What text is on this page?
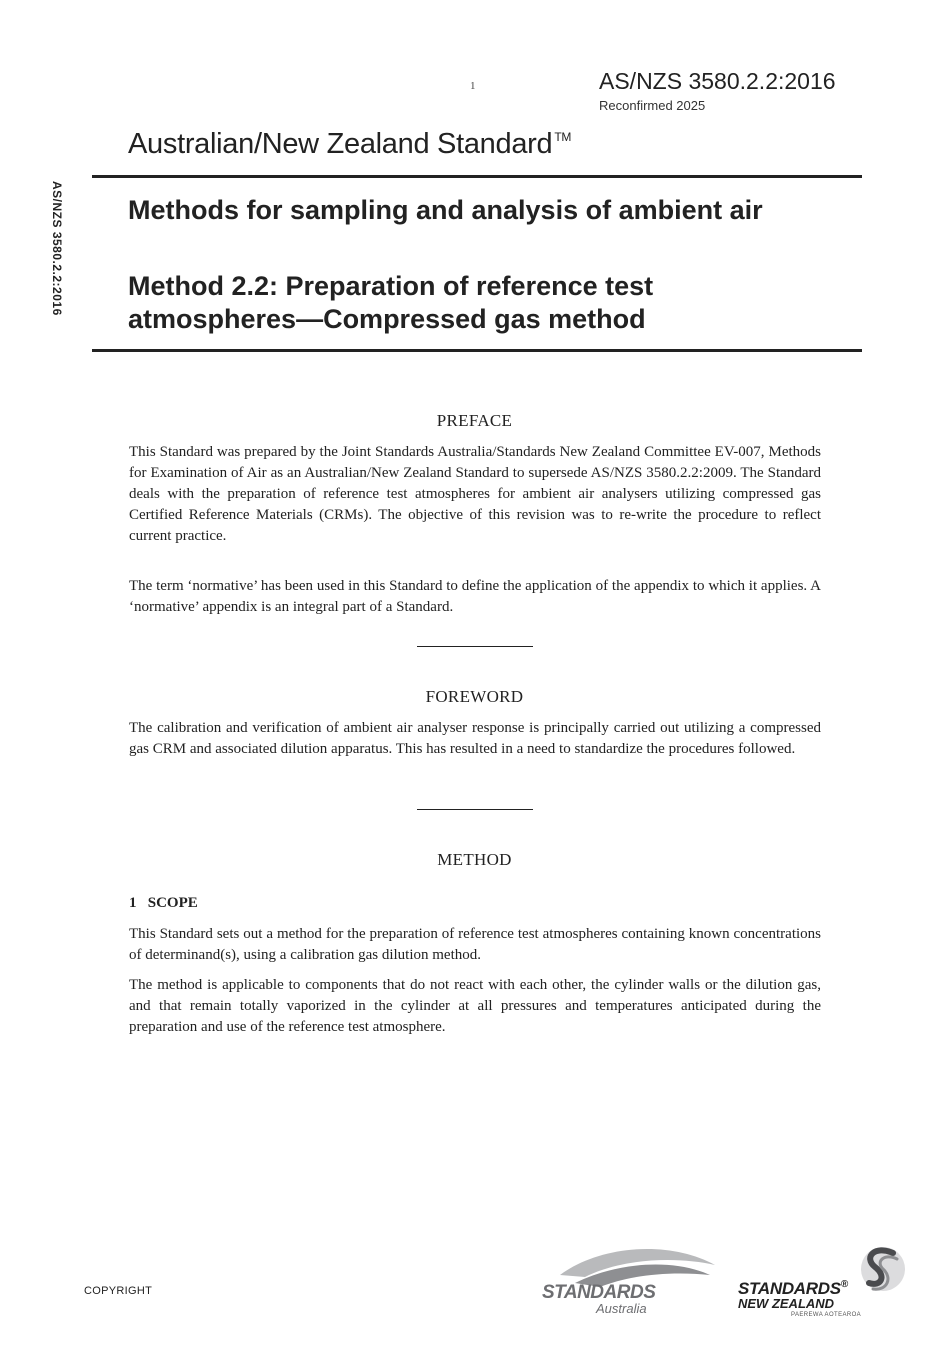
1	AS/NZS 3580.2.2:2016
Reconfirmed 2025
Australian/New Zealand Standard ™
AS/NZS 3580.2.2:2016 Methods for sampling and analysis of ambient air
Method 2.2: Preparation of reference test atmospheres—Compressed gas method
PREFACE
This Standard was prepared by the Joint Standards Australia/Standards New Zealand Committee EV-007, Methods for Examination of Air as an Australian/New Zealand Standard to supersede AS/NZS 3580.2.2:2009. The Standard deals with the preparation of reference test atmospheres for ambient air analysers utilizing compressed gas Certified Reference Materials (CRMs). The objective of this revision was to re-write the procedure to reflect current practice.
The term ‘normative’ has been used in this Standard to define the application of the appendix to which it applies. A ‘normative’ appendix is an integral part of a Standard.
FOREWORD
The calibration and verification of ambient air analyser response is principally carried out utilizing a compressed gas CRM and associated dilution apparatus. This has resulted in a need to standardize the procedures followed.
METHOD
1   SCOPE
This Standard sets out a method for the preparation of reference test atmospheres containing known concentrations of determinand(s), using a calibration gas dilution method.
The method is applicable to components that do not react with each other, the cylinder walls or the dilution gas, and that remain totally vaporized in the cylinder at all pressures and temperatures anticipated during the preparation and use of the reference test atmosphere.
COPYRIGHT	STANDARDS
Australia
STANDARDS®
NEW ZEALAND
PAEREWA AOTEAROA
